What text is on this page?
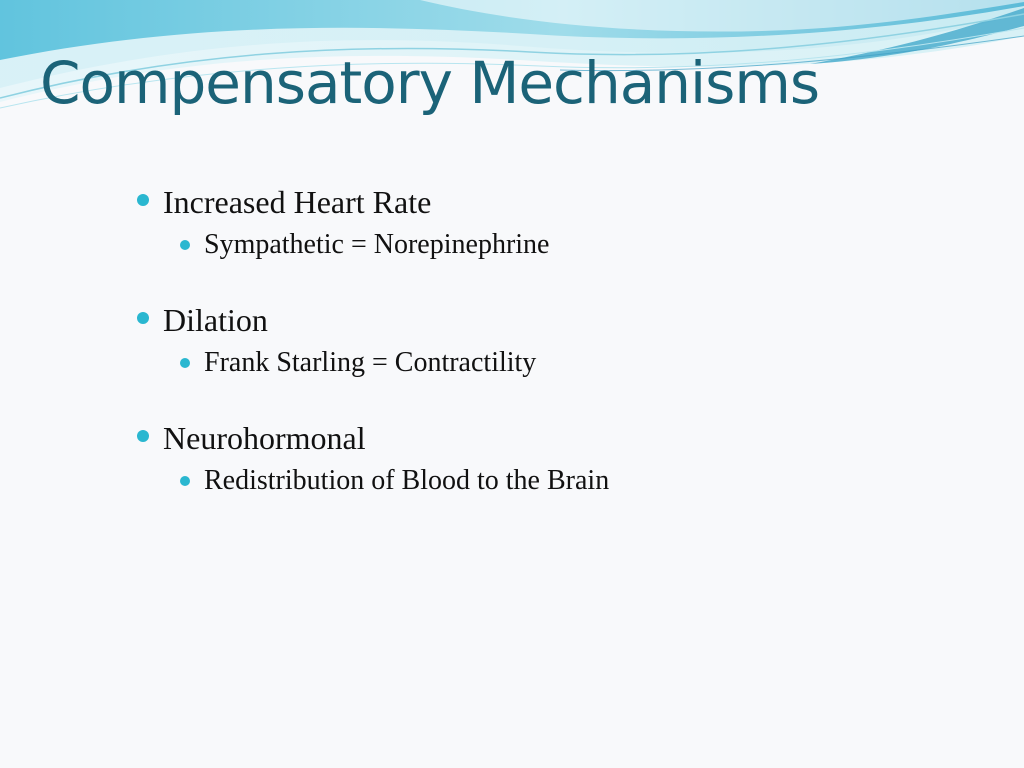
Compensatory Mechanisms
Increased Heart Rate
Sympathetic = Norepinephrine
Dilation
Frank Starling = Contractility
Neurohormonal
Redistribution of Blood to the Brain
